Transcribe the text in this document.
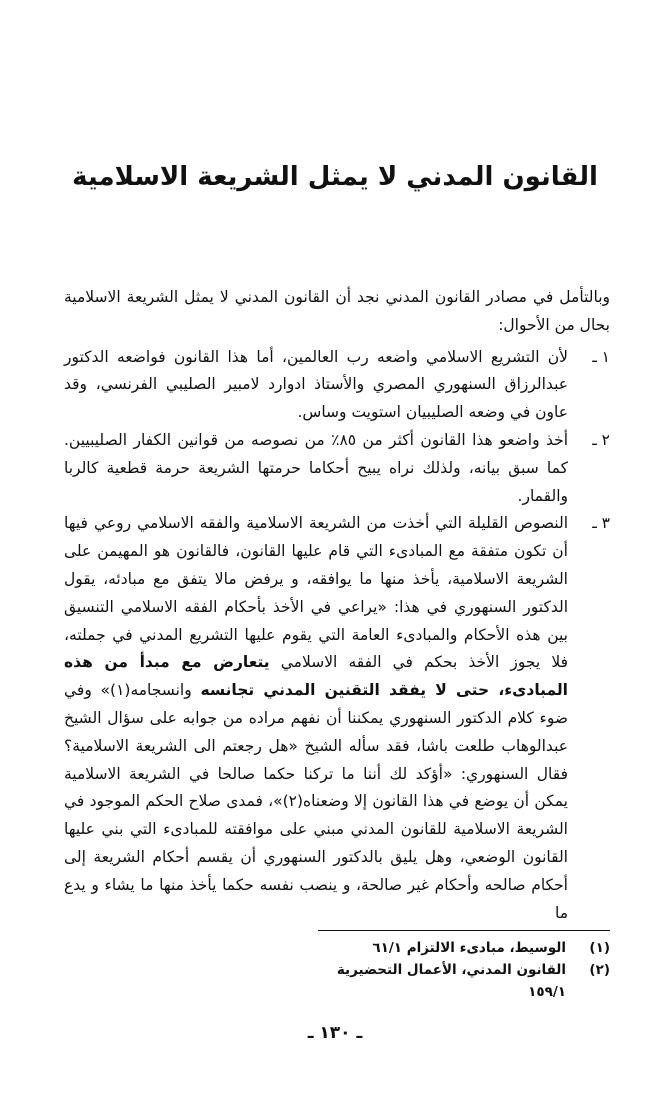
القانون المدني لا يمثل الشريعة الاسلامية

وبالتأمل في مصادر القانون المدني نجد أن القانون المدني لا يمثل الشريعة الاسلامية بحال من الأحوال:

١ ـ
لأن التشريع الاسلامي واضعه رب العالمين، أما هذا القانون فواضعه الدكتور عبدالرزاق السنهوري المصري والأستاذ ادوارد لامبير الصليبي الفرنسي، وقد عاون في وضعه الصليبيان استويت وساس.

٢ ـ
أخذ واضعو هذا القانون أكثر من ٨٥٪ من نصوصه من قوانين الكفار الصليبيين. كما سبق بيانه، ولذلك نراه يبيح أحكاما حرمتها الشريعة حرمة قطعية كالربا والقمار.

٣ ـ
النصوص القليلة التي أخذت من الشريعة الاسلامية والفقه الاسلامي روعي فيها أن تكون متفقة مع المبادىء التي قام عليها القانون، فالقانون هو المهيمن على الشريعة الاسلامية، يأخذ منها ما يوافقه، و يرفض مالا يتفق مع مبادئه، يقول الدكتور السنهوري في هذا: «يراعي في الأخذ بأحكام الفقه الاسلامي التنسيق بين هذه الأحكام والمبادىء العامة التي يقوم عليها التشريع المدني في جملته، فلا يجوز الأخذ بحكم في الفقه الاسلامي يتعارض مع مبدأ من هذه المبادىء، حتى لا يفقد التقنين المدني تجانسه وانسجامه(١)» وفي ضوء كلام الدكتور السنهوري يمكننا أن نفهم مراده من جوابه على سؤال الشيخ عبدالوهاب طلعت باشا، فقد سأله الشيخ «هل رجعتم الى الشريعة الاسلامية؟ فقال السنهوري: «أؤكد لك أننا ما تركنا حكما صالحا في الشريعة الاسلامية يمكن أن يوضع في هذا القانون إلا وضعناه(٢)»، فمدى صلاح الحكم الموجود في الشريعة الاسلامية للقانون المدني مبني على موافقته للمبادىء التي بني عليها القانون الوضعي، وهل يليق بالدكتور السنهوري أن يقسم أحكام الشريعة إلى أحكام صالحه وأحكام غير صالحة، و ينصب نفسه حكما يأخذ منها ما يشاء و يدع ما

(١)
الوسيط، مبادىء الالتزام ٦١/١
(٢)
القانون المدني، الأعمال التحضيرية ١٥٩/١
ـ ١٣٠ ـ
